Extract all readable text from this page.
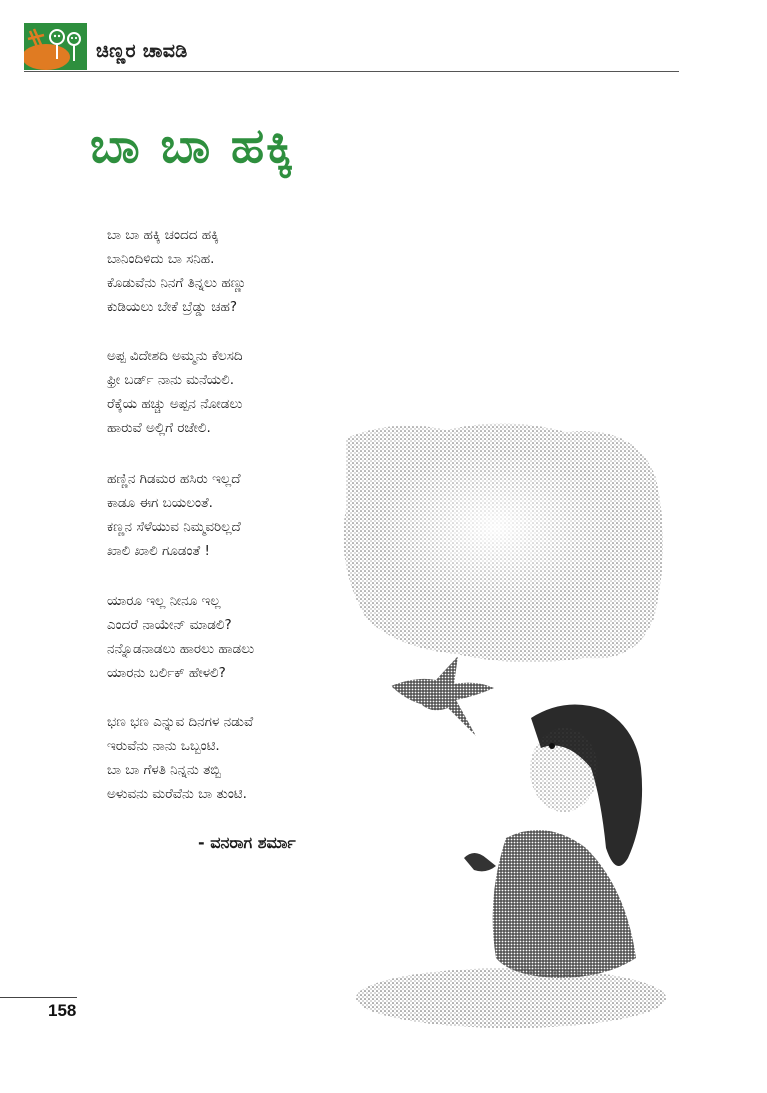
ಚಿಣ್ಣರ ಚಾವಡಿ
ಬಾ ಬಾ ಹಕ್ಕಿ
ಬಾ ಬಾ ಹಕ್ಕಿ ಚಂದದ ಹಕ್ಕಿ
ಬಾನಿಂದಿಳಿದು ಬಾ ಸನಿಹ.
ಕೊಡುವೆನು ನಿನಗೆ ತಿನ್ನಲು ಹಣ್ಣು
ಕುಡಿಯಲು ಬೇಕೆ ಬ್ರೆಡ್ಡು ಚಹ?
ಅಪ್ಪ ವಿದೇಶದಿ ಅಮ್ಮನು ಕೆಲಸದಿ
ಫ್ರೀ ಬರ್ಡ್ ನಾನು ಮನೆಯಲಿ.
ರೆಕ್ಕೆಯ ಹಚ್ಚು ಅಪ್ಪನ ನೋಡಲು
ಹಾರುವೆ ಅಲ್ಲಿಗೆ ರಜೇಲಿ.
ಹಣ್ಣಿನ ಗಿಡಮರ ಹಸಿರು ಇಲ್ಲದೆ
ಕಾಡೂ ಈಗ ಬಯಲಂತೆ.
ಕಣ್ಣನ ಸೆಳೆಯುವ ನಿಮ್ಮವರಿಲ್ಲದೆ
ಖಾಲಿ ಖಾಲಿ ಗೂಡಂತೆ !
ಯಾರೂ ಇಲ್ಲ ನೀನೂ ಇಲ್ಲ
ಎಂದರೆ ನಾಯೇನ್ ಮಾಡಲಿ?
ನನ್ನೊಡನಾಡಲು ಹಾರಲು ಹಾಡಲು
ಯಾರನು ಬರ್ಲಿಕ್ ಹೇಳಲಿ?
ಭಣ ಭಣ ಎನ್ನುವ ದಿನಗಳ ನಡುವೆ
ಇರುವೆನು ನಾನು ಒಬ್ಬಂಟಿ.
ಬಾ ಬಾ ಗೆಳತಿ ನಿನ್ನನು ತಬ್ಬಿ
ಅಳುವನು ಮರೆವೆನು ಬಾ ತುಂಟಿ.
- ವನರಾಗ ಶರ್ಮಾ
158
